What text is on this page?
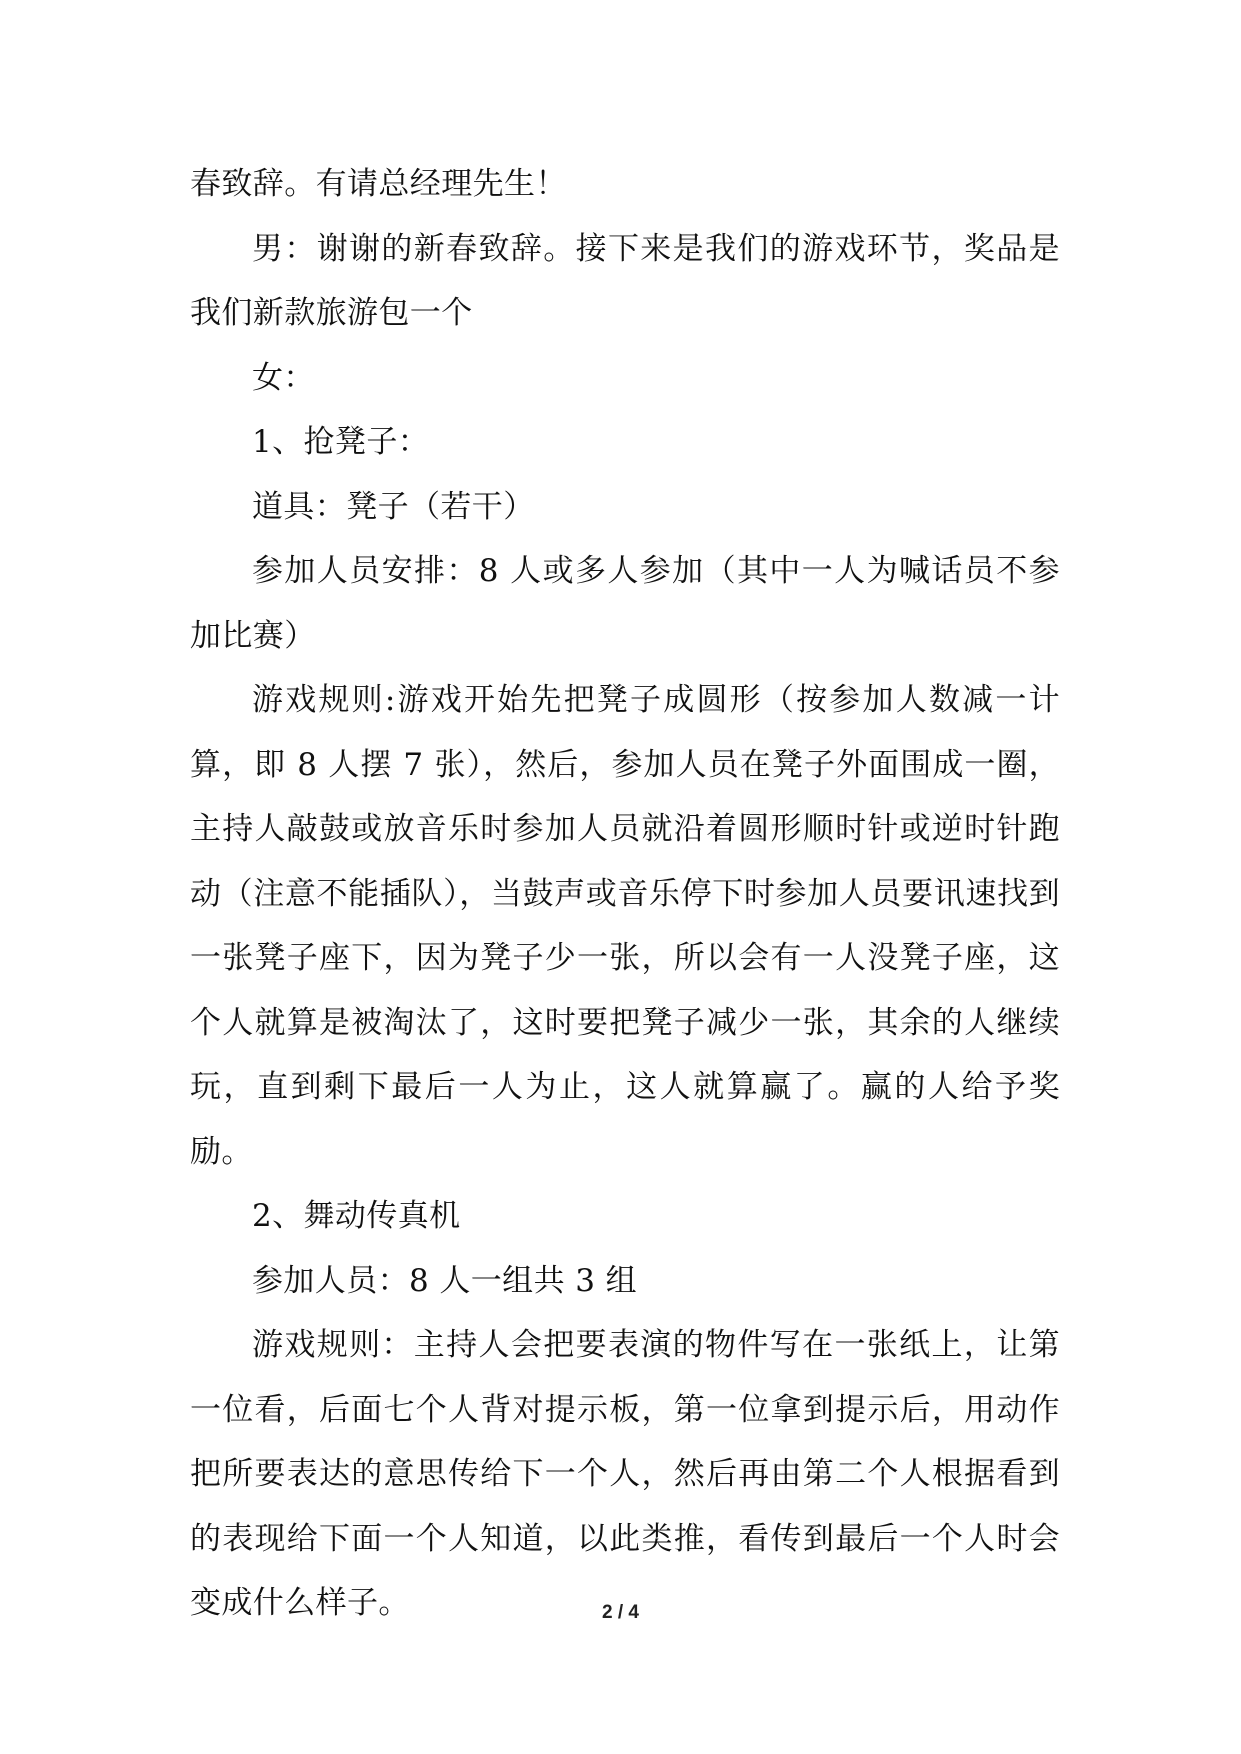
春致辞。有请总经理先生！

男：谢谢的新春致辞。接下来是我们的游戏环节，奖品是我们新款旅游包一个

女：

1、抢凳子：

道具：凳子（若干）

参加人员安排：8 人或多人参加（其中一人为喊话员不参加比赛）

游戏规则:游戏开始先把凳子成圆形（按参加人数减一计算，即 8 人摆 7 张），然后，参加人员在凳子外面围成一圈，主持人敲鼓或放音乐时参加人员就沿着圆形顺时针或逆时针跑动（注意不能插队），当鼓声或音乐停下时参加人员要讯速找到一张凳子座下，因为凳子少一张，所以会有一人没凳子座，这个人就算是被淘汰了，这时要把凳子减少一张，其余的人继续玩，直到剩下最后一人为止，这人就算赢了。赢的人给予奖励。

2、舞动传真机

参加人员：8 人一组共 3 组

游戏规则：主持人会把要表演的物件写在一张纸上，让第一位看，后面七个人背对提示板，第一位拿到提示后，用动作把所要表达的意思传给下一个人，然后再由第二个人根据看到的表现给下面一个人知道，以此类推，看传到最后一个人时会变成什么样子。	2 / 4
